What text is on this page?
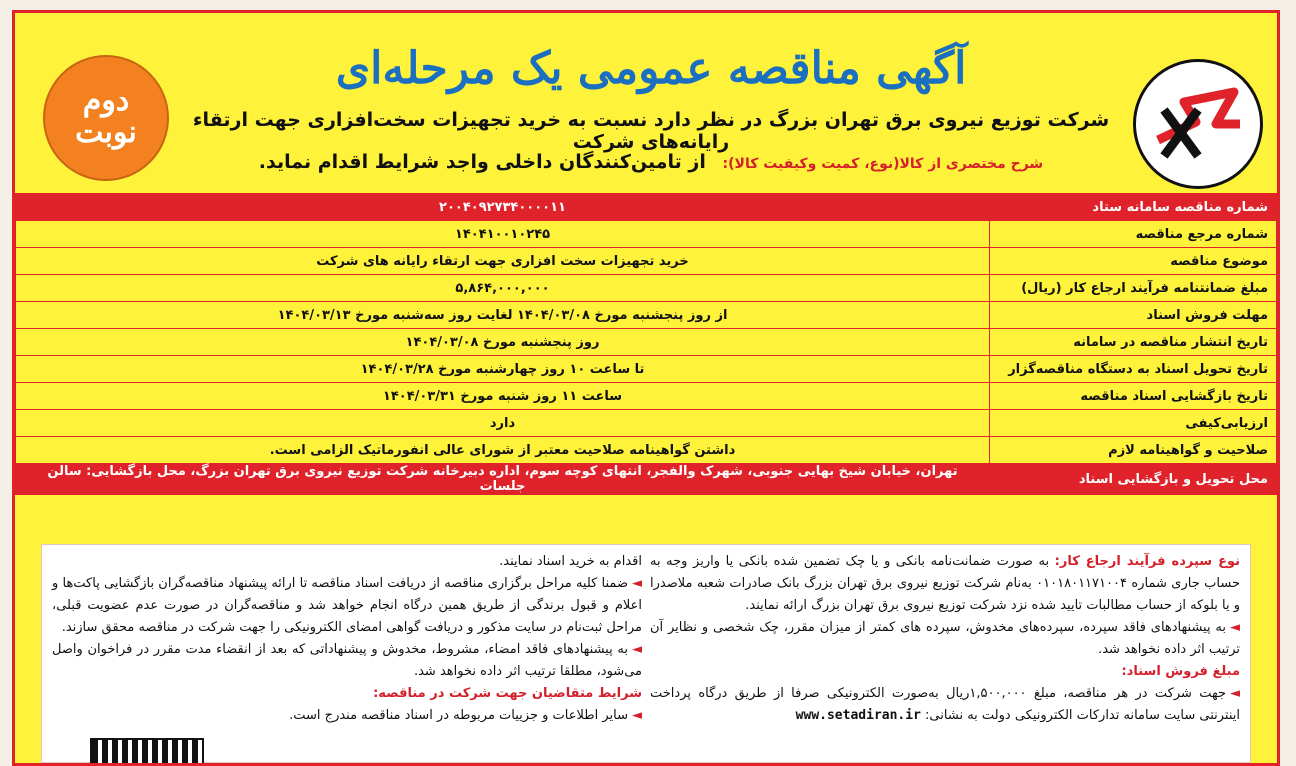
دوم
نوبت
آگهی مناقصه عمومی یک مرحله‌ای
شرکت توزیع نیروی برق تهران بزرگ در نظر دارد نسبت به خرید تجهیزات سخت‌افزاری جهت ارتقاء رایانه‌های شرکت
شرح مختصری از کالا(نوع، کمیت وکیفیت کالا): از تامین‌کنندگان داخلی واجد شرایط اقدام نماید.
شماره مناقصه سامانه ستاد	۲۰۰۴۰۹۲۷۳۴۰۰۰۰۱۱
شماره مرجع مناقصه	۱۴۰۴۱۰۰۱۰۲۴۵
موضوع مناقصه	خرید تجهیزات سخت افزاری جهت ارتقاء رایانه های شرکت
مبلغ ضمانتنامه فرآیند ارجاع کار (ریال)	۵,۸۶۴,۰۰۰,۰۰۰
مهلت فروش اسناد	از روز پنجشنبه مورخ ۱۴۰۴/۰۳/۰۸ لغایت روز سه‌شنبه مورخ ۱۴۰۴/۰۳/۱۳
تاریخ انتشار مناقصه در سامانه	روز پنجشنبه مورخ ۱۴۰۴/۰۳/۰۸
تاریخ تحویل اسناد به دستگاه مناقصه‌گزار	تا ساعت ۱۰ روز چهارشنبه مورخ ۱۴۰۴/۰۳/۲۸
تاریخ بازگشایی اسناد مناقصه	ساعت ۱۱ روز شنبه مورخ ۱۴۰۴/۰۳/۳۱
ارزیابی‌کیفی	دارد
صلاحیت و گواهینامه لازم	داشتن گواهینامه صلاحیت معتبر از شورای عالی انفورماتیک الزامی است.
محل تحویل و بازگشایی اسناد	تهران، خیابان شیخ بهایی جنوبی، شهرک والفجر، انتهای کوچه سوم، اداره دبیرخانه شرکت توزیع نیروی برق تهران بزرگ، محل بازگشایی: سالن جلسات

نوع سپرده فرآیند ارجاع کار: به صورت ضمانت‌نامه بانکی و یا چک تضمین شده بانکی یا واریز وجه به حساب جاری شماره ۰۱۰۱۸۰۱۱۷۱۰۰۴ به‌نام شرکت توزیع نیروی برق تهران بزرگ بانک صادرات شعبه ملاصدرا و یا بلوکه از حساب مطالبات تایید شده نزد شرکت توزیع نیروی برق تهران بزرگ ارائه نمایند.

◄به پیشنهادهای فاقد سپرده، سپرده‌های مخدوش، سپرده های کمتر از میزان مقرر، چک شخصی و نظایر آن ترتیب اثر داده نخواهد شد.

مبلغ فروش اسناد:

◄جهت شرکت در هر مناقصه، مبلغ ۱,۵۰۰,۰۰۰ریال به‌صورت الکترونیکی صرفا از طریق درگاه پرداخت اینترنتی سایت سامانه تدارکات الکترونیکی دولت به نشانی: www.setadiran.ir

اقدام به خرید اسناد نمایند.

◄ضمنا کلیه مراحل برگزاری مناقصه از دریافت اسناد مناقصه تا ارائه پیشنهاد مناقصه‌گران بازگشایی پاکت‌ها و اعلام و قبول برندگی از طریق همین درگاه انجام خواهد شد و مناقصه‌گران در صورت عدم عضویت قبلی، مراحل ثبت‌نام در سایت مذکور و دریافت گواهی امضای الکترونیکی را جهت شرکت در مناقصه محقق سازند.

◄به پیشنهادهای فاقد امضاء، مشروط، مخدوش و پیشنهاداتی که بعد از انقضاء مدت مقرر در فراخوان واصل می‌شود، مطلقا ترتیب اثر داده نخواهد شد.

شرایط متقاضیان جهت شرکت در مناقصه:

◄سایر اطلاعات و جزییات مربوطه در اسناد مناقصه مندرج است.
